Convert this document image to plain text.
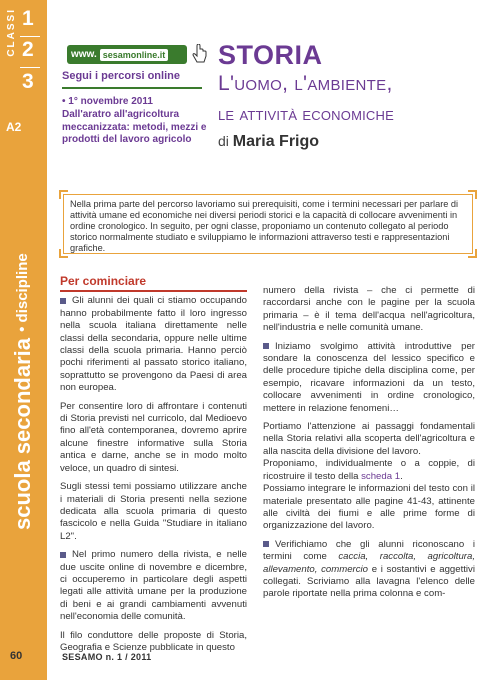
CLASSI 1
2
3
A2
scuola secondaria • discipline
www. sesamonline.it
Segui i percorsi online
• 1° novembre 2011
Dall'aratro all'agricoltura meccanizzata: metodi, mezzi e prodotti del lavoro agricolo
STORIA
L'uomo, l'ambiente,
le attività economiche
di Maria Frigo
Nella prima parte del percorso lavoriamo sui prerequisiti, come i termini necessari per parlare di attività umane ed economiche nei diversi periodi storici e la capacità di collocare avvenimenti in ordine cronologico. In seguito, per ogni classe, proponiamo un contenuto collegato al periodo storico normalmente studiato e sviluppiamo le informazioni attraverso testi e rappresentazioni grafiche.
Per cominciare

Gli alunni dei quali ci stiamo occupando hanno probabilmente fatto il loro ingresso nella scuola italiana direttamente nelle classi della secondaria, oppure nelle ultime classi della scuola primaria. Hanno perciò pochi riferimenti al passato storico italiano, soprattutto se provengono da Paesi di area non europea.

Per consentire loro di affrontare i contenuti di Storia previsti nel curricolo, dal Medioevo fino all'età contemporanea, dovremo aprire alcune finestre informative sulla Storia antica e darne, anche se in modo molto veloce, un quadro di sintesi.

Sugli stessi temi possiamo utilizzare anche i materiali di Storia presenti nella sezione dedicata alla scuola primaria di questo fascicolo e nella Guida "Studiare in italiano L2".

Nel primo numero della rivista, e nelle due uscite online di novembre e dicembre, ci occuperemo in particolare degli aspetti legati alle attività umane per la produzione di beni e ai grandi cambiamenti avvenuti nell'economia delle comunità.

Il filo conduttore delle proposte di Storia, Geografia e Scienze pubblicate in questo

numero della rivista – che ci permette di raccordarsi anche con le pagine per la scuola primaria – è il tema dell'acqua nell'agricoltura, nell'industria e nelle comunità umane.

Iniziamo svolgimo attività introduttive per sondare la conoscenza del lessico specifico e delle procedure tipiche della disciplina come, per esempio, ricavare informazioni da un testo, collocare avvenimenti in ordine cronologico, mettere in relazione fenomeni…

Portiamo l'attenzione ai passaggi fondamentali nella Storia relativi alla scoperta dell'agricoltura e alla nascita della divisione del lavoro.

Proponiamo, individualmente o a coppie, di ricostruire il testo della scheda 1.

Possiamo integrare le informazioni del testo con il materiale presentato alle pagine 41-43, attinente alle civiltà dei fiumi e alle prime forme di organizzazione del lavoro.

Verifichiamo che gli alunni riconoscano i termini come caccia, raccolta, agricoltura, allevamento, commercio e i sostantivi e aggettivi collegati. Scriviamo alla lavagna l'elenco delle parole riportate nella prima colonna e com-

60	SESAMO n. 1 / 2011
